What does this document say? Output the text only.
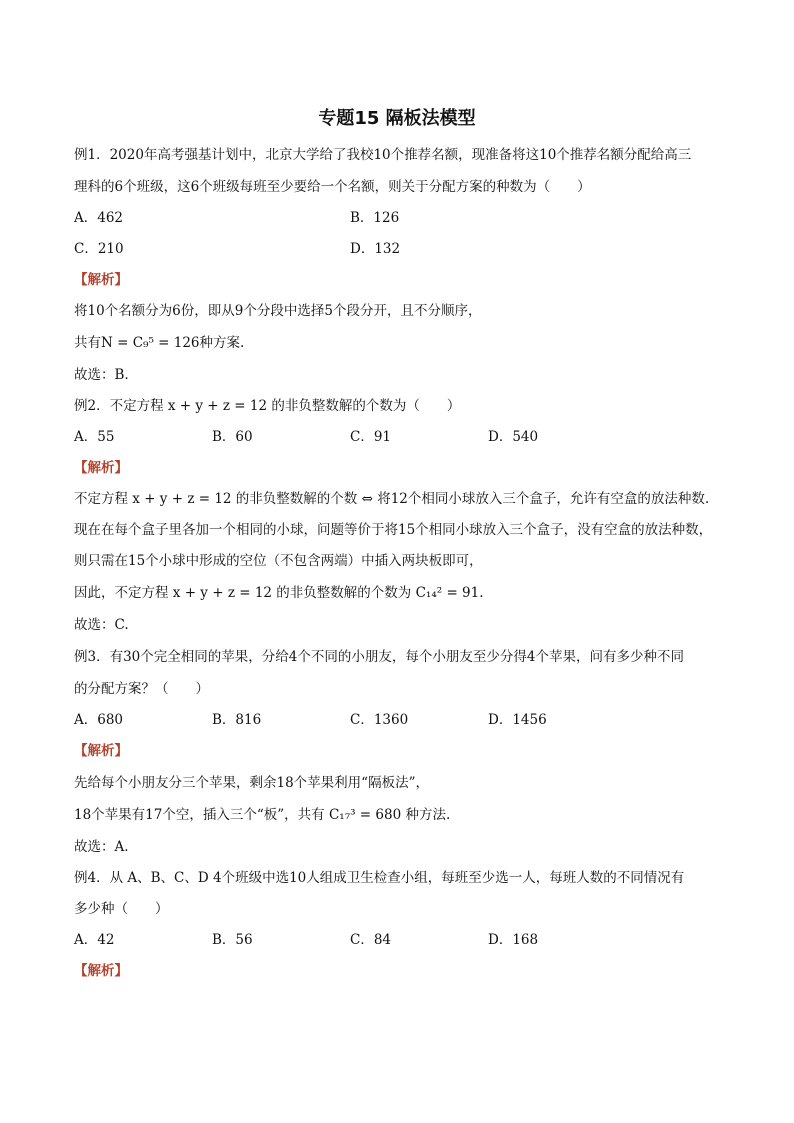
专题15 隔板法模型
例1．2020年高考强基计划中，北京大学给了我校10个推荐名额，现准备将这10个推荐名额分配给高三
理科的6个班级，这6个班级每班至少要给一个名额，则关于分配方案的种数为（　　）
A．462	B．126
C．210	D．132
【解析】
将10个名额分为6份，即从9个分段中选择5个段分开，且不分顺序，
共有N = C₉⁵ = 126种方案.
故选：B.
例2．不定方程 x + y + z = 12 的非负整数解的个数为（　　）
A．55	B．60	C．91	D．540
【解析】
不定方程 x + y + z = 12 的非负整数解的个数 ⇔ 将12个相同小球放入三个盒子，允许有空盒的放法种数.
现在在每个盒子里各加一个相同的小球，问题等价于将15个相同小球放入三个盒子，没有空盒的放法种数，
则只需在15个小球中形成的空位（不包含两端）中插入两块板即可，
因此，不定方程 x + y + z = 12 的非负整数解的个数为 C₁₄² = 91.
故选：C.
例3．有30个完全相同的苹果，分给4个不同的小朋友，每个小朋友至少分得4个苹果，问有多少种不同
的分配方案？（　　）
A．680	B．816	C．1360	D．1456
【解析】
先给每个小朋友分三个苹果，剩余18个苹果利用“隔板法”，
18个苹果有17个空，插入三个“板”，共有 C₁₇³ = 680 种方法.
故选：A.
例4．从 A、B、C、D 4个班级中选10人组成卫生检查小组，每班至少选一人，每班人数的不同情况有
多少种（　　）
A．42	B．56	C．84	D．168
【解析】
